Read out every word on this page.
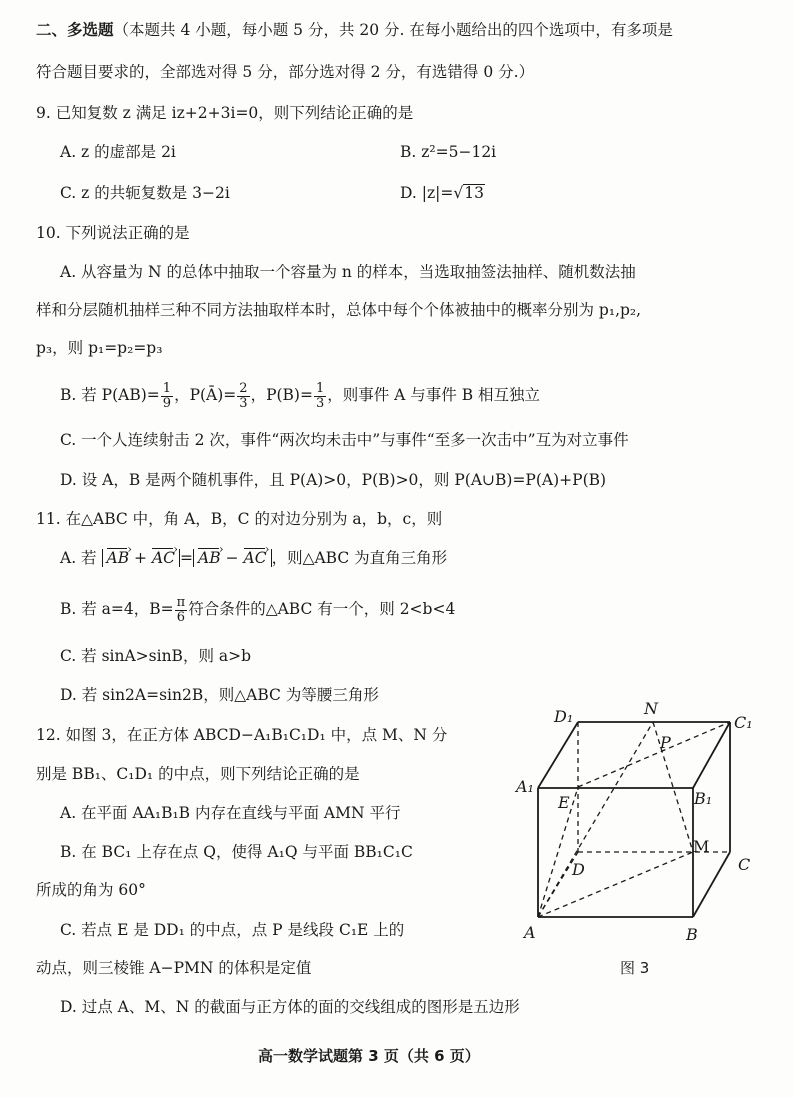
二、多选题（本题共 4 小题，每小题 5 分，共 20 分. 在每小题给出的四个选项中，有多项是
符合题目要求的，全部选对得 5 分，部分选对得 2 分，有选错得 0 分.）
9. 已知复数 z 满足 iz+2+3i=0，则下列结论正确的是
A. z 的虚部是 2i	B. z²=5−12i
C. z 的共轭复数是 3−2i	D. |z|=√13
10. 下列说法正确的是
A. 从容量为 N 的总体中抽取一个容量为 n 的样本，当选取抽签法抽样、随机数法抽
样和分层随机抽样三种不同方法抽取样本时，总体中每个个体被抽中的概率分别为 p₁,p₂,
p₃，则 p₁=p₂=p₃
B. 若 $P(AB)= \frac{1}{9}$ ，P(Ā)= $\frac{2}{3}$ ，$P(B)= \frac{1}{3}$ ，则事件 A 与事件 B 相互独立
C. 一个人连续射击 2 次，事件“两次均未击中”与事件“至多一次击中”互为对立事件
D. 设 A，B 是两个随机事件，且 P(A)>0，P(B)>0，则 P(A∪B)=P(A)+P(B)
11. 在△ABC 中，角 A，B，C 的对边分别为 a，b，c，则
A. 若 AB › + AC › = AB › − AC › ，则△ABC 为直角三角形
B. 若 a=4，$B= \frac{\pi}{6}$ 符合条件的△ABC 有一个，则 2<b<4
C. 若 sinA>sinB，则 a>b
D. 若 sin2A=sin2B，则△ABC 为等腰三角形
12. 如图 3，在正方体 ABCD−A₁B₁C₁D₁ 中，点 M、N 分
别是 BB₁、C₁D₁ 的中点，则下列结论正确的是
A. 在平面 AA₁B₁B 内存在直线与平面 AMN 平行
B. 在 BC₁ 上存在点 Q，使得 A₁Q 与平面 BB₁C₁C
所成的角为 60°
C. 若点 E 是 DD₁ 的中点，点 P 是线段 C₁E 上的
动点，则三棱锥 A−PMN 的体积是定值
D. 过点 A、M、N 的截面与正方体的面的交线组成的图形是五边形
D₁	N
C₁
P
A₁
E	B₁
M
D	C
A	B
图 3
高一数学试题第 3 页（共 6 页）
